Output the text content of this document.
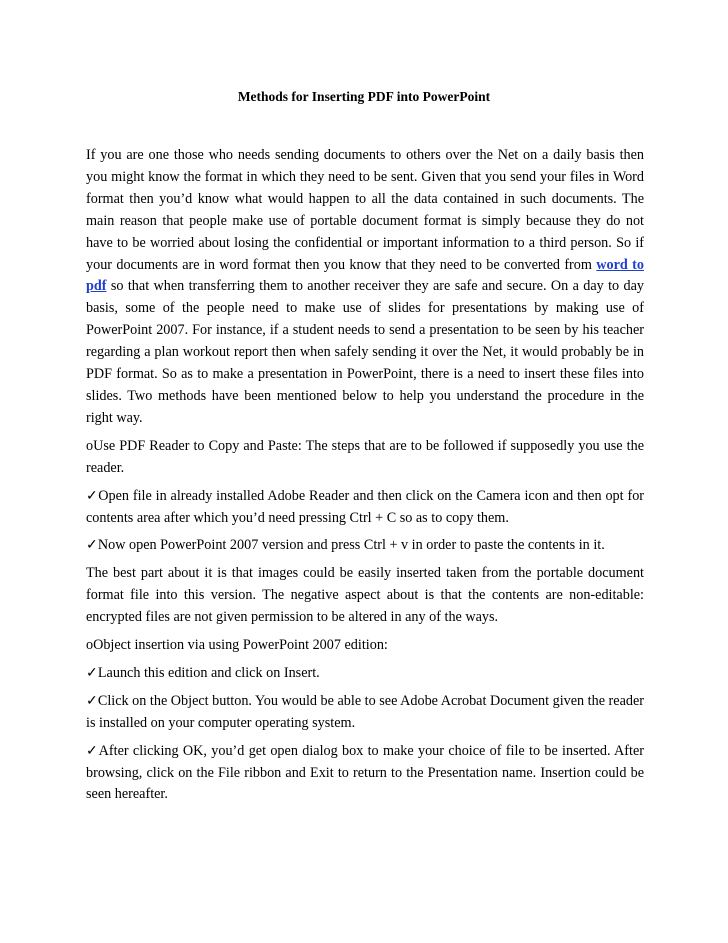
Methods for Inserting PDF into PowerPoint

If you are one those who needs sending documents to others over the Net on a daily basis then you might know the format in which they need to be sent. Given that you send your files in Word format then you’d know what would happen to all the data contained in such documents. The main reason that people make use of portable document format is simply because they do not have to be worried about losing the confidential or important information to a third person. So if your documents are in word format then you know that they need to be converted from word to pdf so that when transferring them to another receiver they are safe and secure. On a day to day basis, some of the people need to make use of slides for presentations by making use of PowerPoint 2007. For instance, if a student needs to send a presentation to be seen by his teacher regarding a plan workout report then when safely sending it over the Net, it would probably be in PDF format. So as to make a presentation in PowerPoint, there is a need to insert these files into slides. Two methods have been mentioned below to help you understand the procedure in the right way.

oUse PDF Reader to Copy and Paste: The steps that are to be followed if supposedly you use the reader.

✓Open file in already installed Adobe Reader and then click on the Camera icon and then opt for contents area after which you’d need pressing Ctrl + C so as to copy them.

✓Now open PowerPoint 2007 version and press Ctrl + v in order to paste the contents in it.

The best part about it is that images could be easily inserted taken from the portable document format file into this version. The negative aspect about is that the contents are non-editable: encrypted files are not given permission to be altered in any of the ways.

oObject insertion via using PowerPoint 2007 edition:

✓Launch this edition and click on Insert.

✓Click on the Object button. You would be able to see Adobe Acrobat Document given the reader is installed on your computer operating system.

✓After clicking OK, you’d get open dialog box to make your choice of file to be inserted. After browsing, click on the File ribbon and Exit to return to the Presentation name. Insertion could be seen hereafter.
